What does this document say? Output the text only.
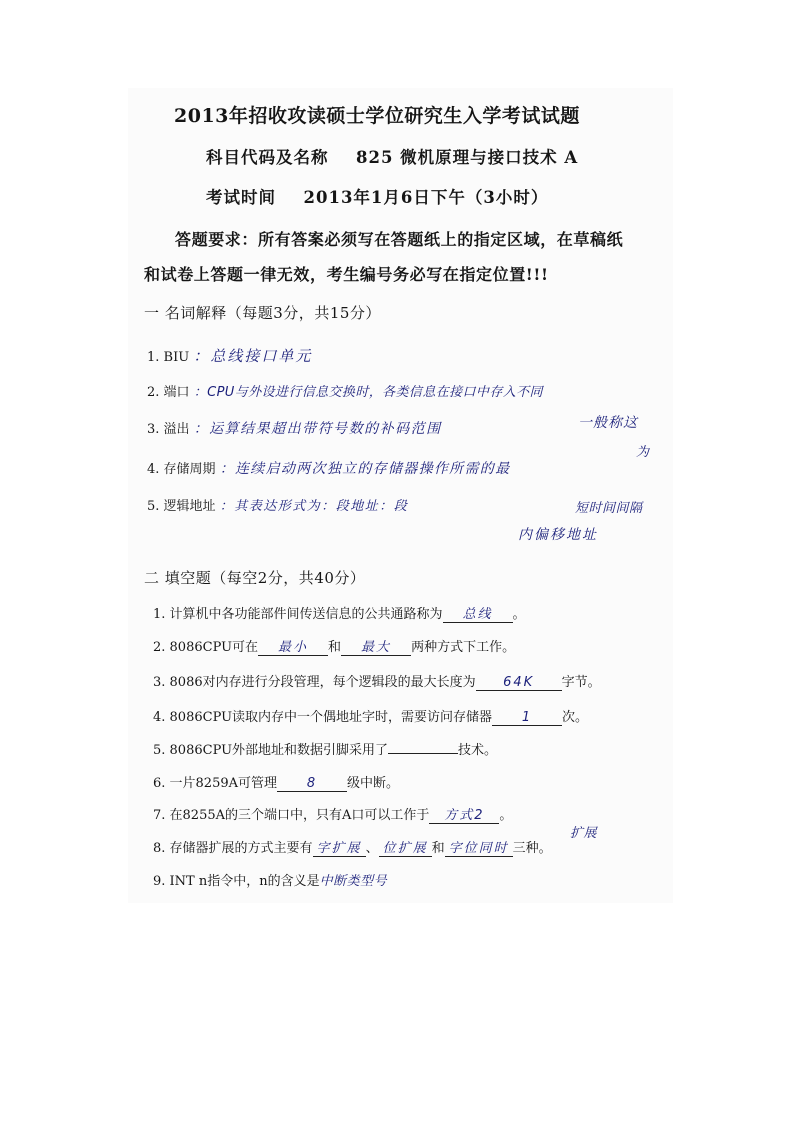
2013年招收攻读硕士学位研究生入学考试试题
科目代码及名称 825 微机原理与接口技术 A
考试时间 2013年1月6日下午（3小时）
答题要求：所有答案必须写在答题纸上的指定区域，在草稿纸
和试卷上答题一律无效，考生编号务必写在指定位置!!!
一 名词解释（每题3分，共15分）
1. BIU ：总线接口单元
2. 端口 ：CPU与外设进行信息交换时，各类信息在接口中存入不同
3. 溢出 ：运算结果超出带符号数的补码范围	一般称这
为
4. 存储周期 ：连续启动两次独立的存储器操作所需的最
5. 逻辑地址 ：其表达形式为：段地址：段	短时间间隔
内偏移地址
二 填空题（每空2分，共40分）
1. 计算机中各功能部件间传送信息的公共通路称为 总线 。
2. 8086CPU可在 最小 和 最大 两种方式下工作。
3. 8086对内存进行分段管理，每个逻辑段的最大长度为 64K 字节。
4. 8086CPU读取内存中一个偶地址字时，需要访问存储器 1 次。
5. 8086CPU外部地址和数据引脚采用了	技术。
6. 一片8259A可管理 8 级中断。
7. 在8255A的三个端口中，只有A口可以工作于 方式2 。
8. 存储器扩展的方式主要有 字扩展 、 位扩展 和 字位同时 三种。
扩展
9. INT n指令中，n的含义是中断类型号
